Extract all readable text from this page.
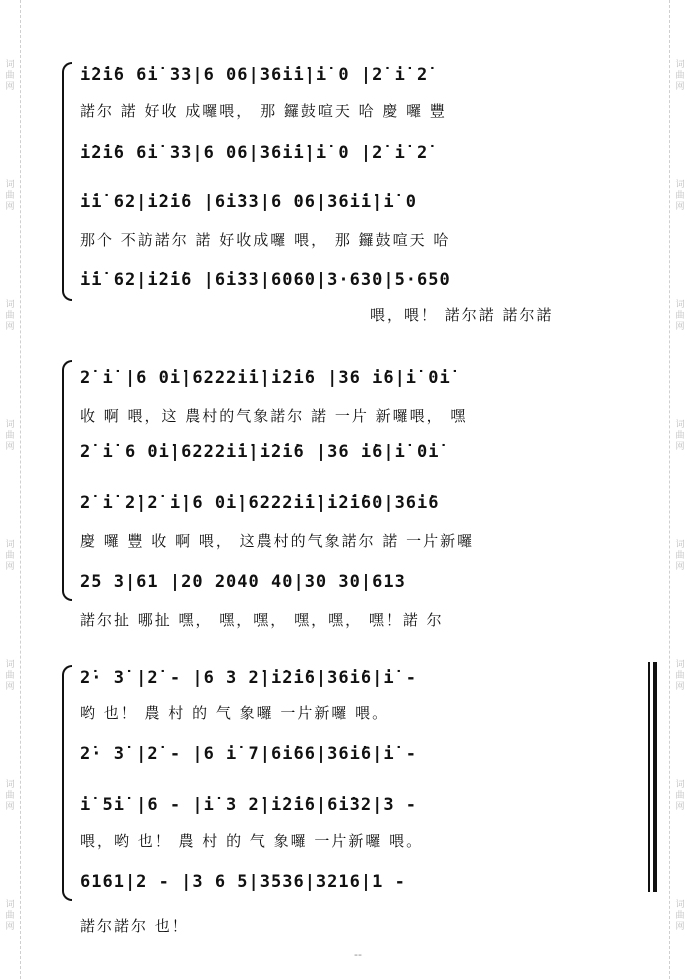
词曲网
词曲网
词曲网
词曲网
词曲网
词曲网
词曲网
词曲网
词曲网
词曲网
词曲网
词曲网
词曲网
词曲网
词曲网
词曲网
i̇2̇i̇6 6i̇ 33|6 06|36i̇i̇|i̇ 0 |2̇ i̇ 2̇
諾尔 諾 好收 成囉喂， 那 鑼鼓喧天 哈 慶 囉 豐
i̇2̇i̇6 6i̇ 33|6 06|36i̇i̇|i̇ 0 |2̇ i̇ 2̇
i̇i̇ 62|i̇2̇i̇6 |6i̇33|6 06|36i̇i̇|i̇ 0
那个 不訪諾尔 諾 好收成囉 喂， 那 鑼鼓喧天 哈
i̇i̇ 62|i̇2̇i̇6 |6i̇33|6060|3·630|5·650
喂，喂！ 諾尔諾 諾尔諾
2̇ i̇ |6 0i̇|6222i̇i̇|i̇2̇i̇6 |36 i̇6|i̇ 0i̇
收 啊 喂，这 農村的气象諾尔 諾 一片 新囉喂， 嘿
2̇ i̇ 6 0i̇|6222i̇i̇|i̇2̇i̇6 |36 i̇6|i̇ 0i̇
2̇ i̇ 2̇|2̇ i̇|6 0i̇|6222i̇i̇|i̇2̇i̇60|36i̇6
慶 囉 豐 收 啊 喂， 这農村的气象諾尔 諾 一片新囉
25 3|61 |20 2040 40|30 30|613
諾尔扯 哪扯 嘿， 嘿，嘿， 嘿，嘿， 嘿！諾 尔
2̇· 3̇ |2̇ - |6 3 2̇|i̇2̇i̇6|36i̇6|i̇ -
哟 也！ 農 村 的 气 象囉 一片新囉 喂。
2̇· 3̇ |2̇ - |6 i̇ 7|6i̇66|36i̇6|i̇ -
i̇ 5i̇ |6 - |i̇ 3 2̇|i̇2̇i̇6|6i̇32|3 -
喂，哟 也！ 農 村 的 气 象囉 一片新囉 喂。
6161|2 - |3 6 5|3536|3216|1 -
諾尔諾尔 也！
--
